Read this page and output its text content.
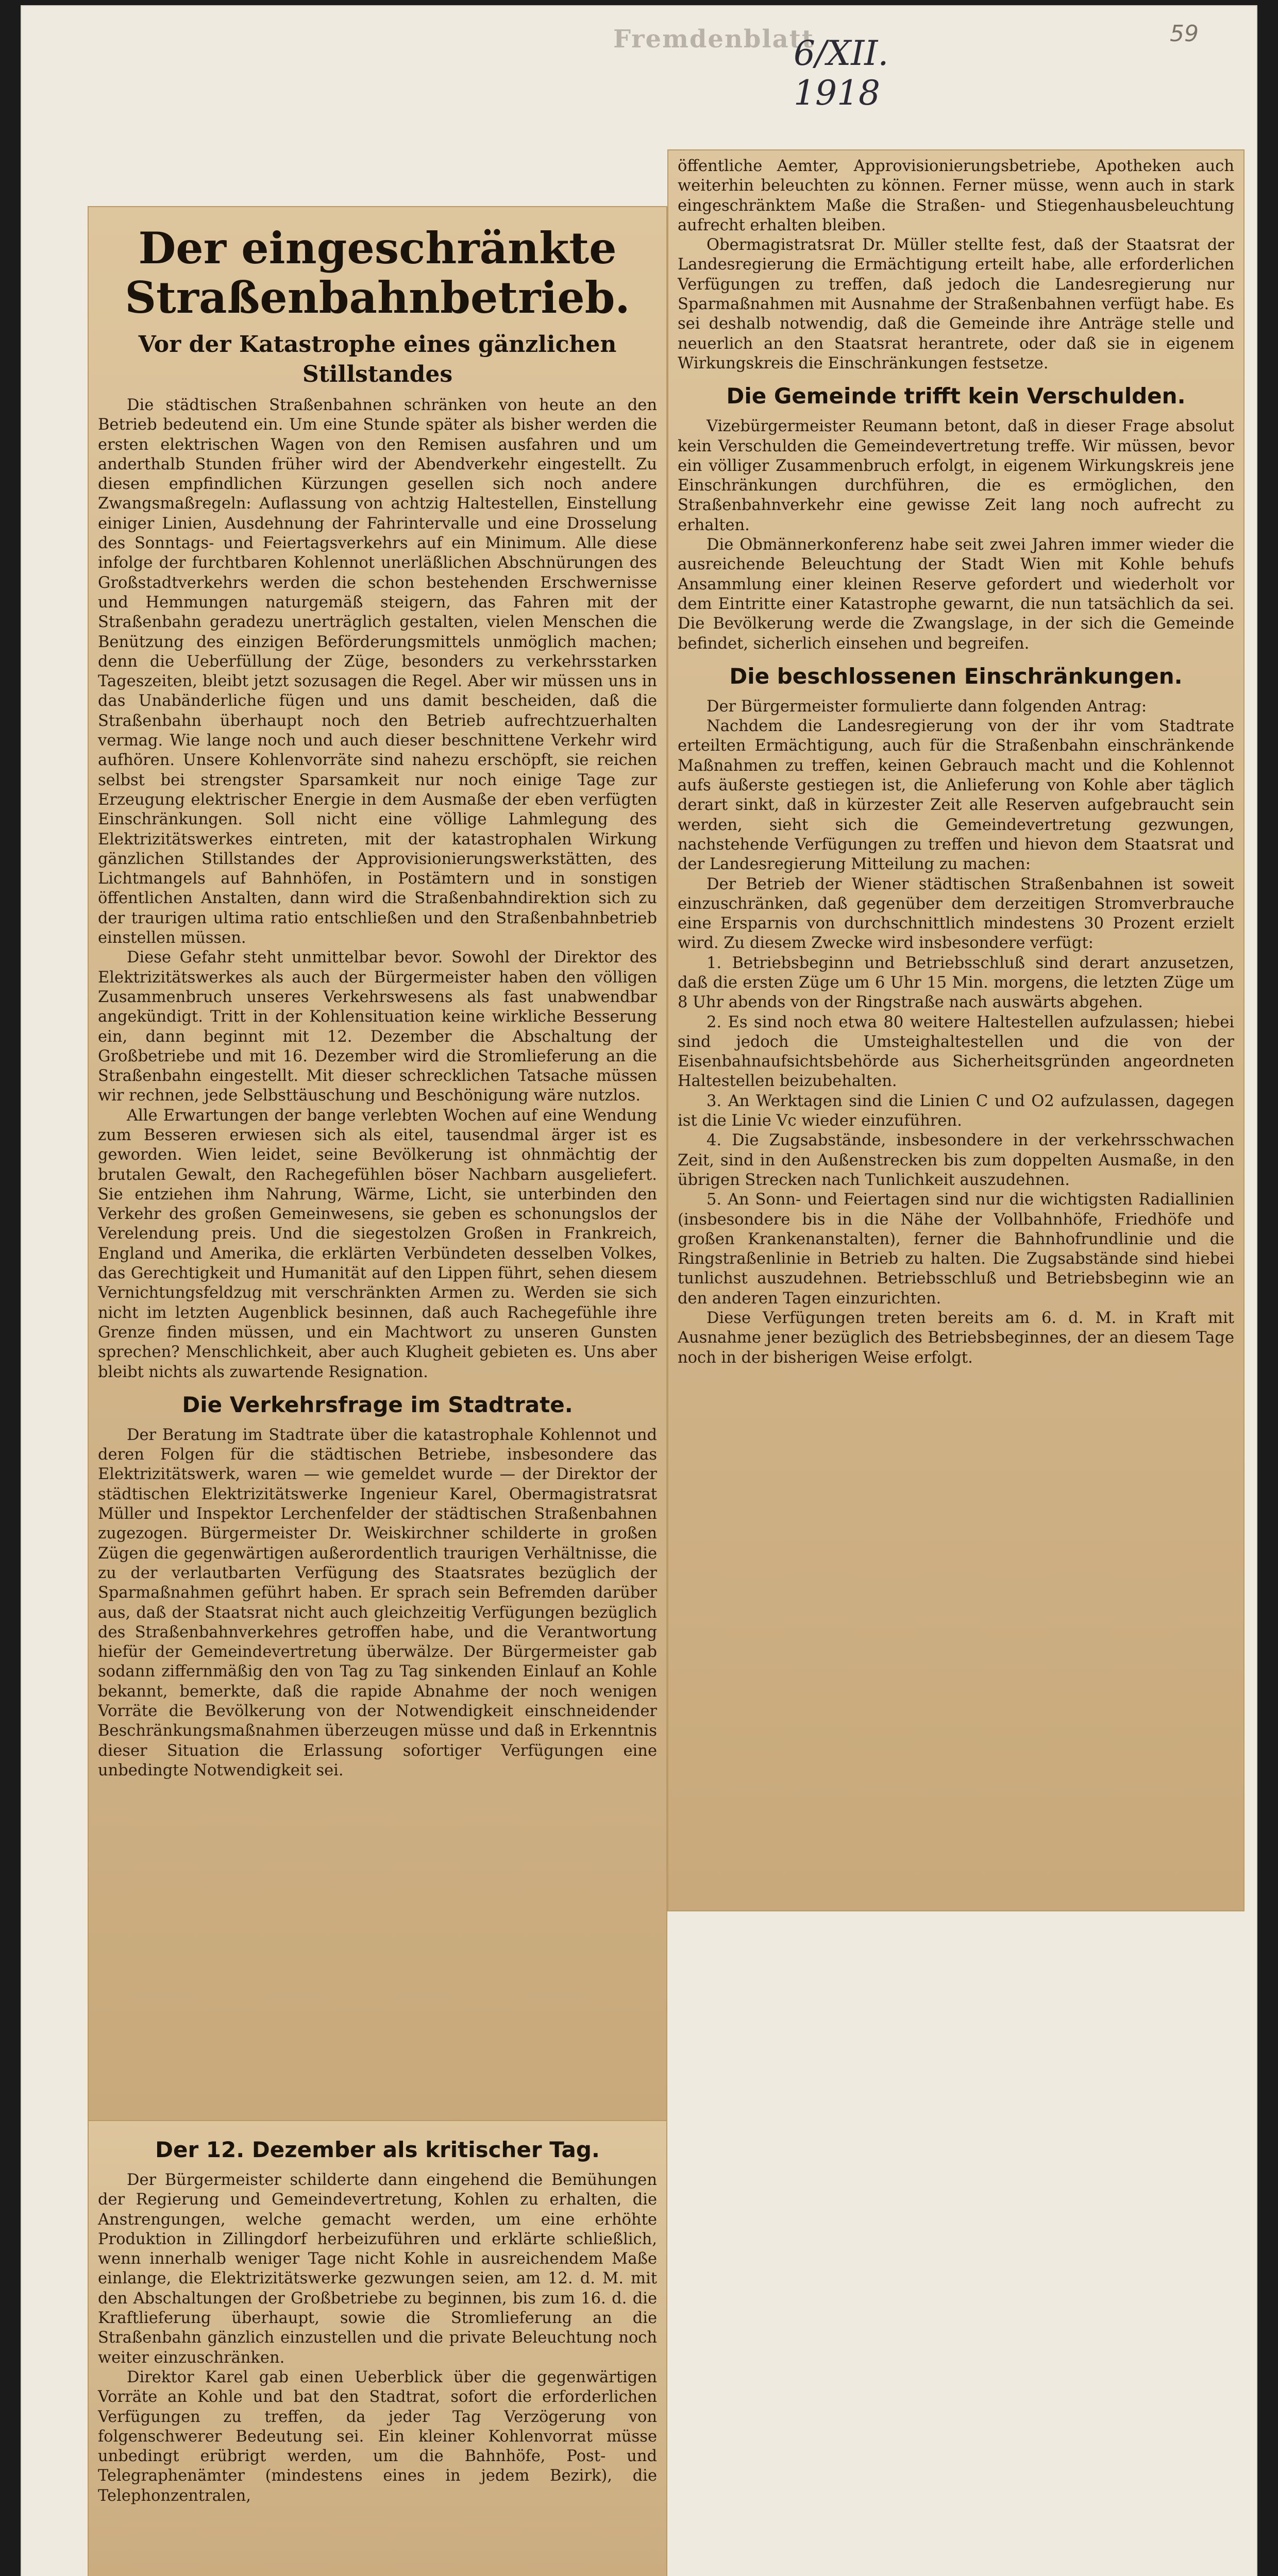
Fremdenblatt
6/XII. 1918
59
Der eingeschränkte Straßenbahnbetrieb.
Vor der Katastrophe eines gänzlichen Stillstandes

Die städtischen Straßenbahnen schränken von heute an den Betrieb bedeutend ein. Um eine Stunde später als bisher werden die ersten elektrischen Wagen von den Remisen ausfahren und um anderthalb Stunden früher wird der Abendverkehr eingestellt. Zu diesen empfindlichen Kürzungen gesellen sich noch andere Zwangsmaßregeln: Auflassung von achtzig Haltestellen, Einstellung einiger Linien, Ausdehnung der Fahrintervalle und eine Drosselung des Sonntags- und Feiertagsverkehrs auf ein Minimum. Alle diese infolge der furchtbaren Kohlennot unerläßlichen Abschnürungen des Großstadtverkehrs werden die schon bestehenden Erschwernisse und Hemmungen naturgemäß steigern, das Fahren mit der Straßenbahn geradezu unerträglich gestalten, vielen Menschen die Benützung des einzigen Beförderungsmittels unmöglich machen; denn die Ueberfüllung der Züge, besonders zu verkehrsstarken Tageszeiten, bleibt jetzt sozusagen die Regel. Aber wir müssen uns in das Unabänderliche fügen und uns damit bescheiden, daß die Straßenbahn überhaupt noch den Betrieb aufrechtzuerhalten vermag. Wie lange noch und auch dieser beschnittene Verkehr wird aufhören. Unsere Kohlenvorräte sind nahezu erschöpft, sie reichen selbst bei strengster Sparsamkeit nur noch einige Tage zur Erzeugung elektrischer Energie in dem Ausmaße der eben verfügten Einschränkungen. Soll nicht eine völlige Lahmlegung des Elektrizitätswerkes eintreten, mit der katastrophalen Wirkung gänzlichen Stillstandes der Approvisionierungswerkstätten, des Lichtmangels auf Bahnhöfen, in Postämtern und in sonstigen öffentlichen Anstalten, dann wird die Straßenbahndirektion sich zu der traurigen ultima ratio entschließen und den Straßenbahnbetrieb einstellen müssen.

Diese Gefahr steht unmittelbar bevor. Sowohl der Direktor des Elektrizitätswerkes als auch der Bürgermeister haben den völligen Zusammenbruch unseres Verkehrswesens als fast unabwendbar angekündigt. Tritt in der Kohlensituation keine wirkliche Besserung ein, dann beginnt mit 12. Dezember die Abschaltung der Großbetriebe und mit 16. Dezember wird die Stromlieferung an die Straßenbahn eingestellt. Mit dieser schrecklichen Tatsache müssen wir rechnen, jede Selbsttäuschung und Beschönigung wäre nutzlos.

Alle Erwartungen der bange verlebten Wochen auf eine Wendung zum Besseren erwiesen sich als eitel, tausendmal ärger ist es geworden. Wien leidet, seine Bevölkerung ist ohnmächtig der brutalen Gewalt, den Rachegefühlen böser Nachbarn ausgeliefert. Sie entziehen ihm Nahrung, Wärme, Licht, sie unterbinden den Verkehr des großen Gemeinwesens, sie geben es schonungslos der Verelendung preis. Und die siegestolzen Großen in Frankreich, England und Amerika, die erklärten Verbündeten desselben Volkes, das Gerechtigkeit und Humanität auf den Lippen führt, sehen diesem Vernichtungsfeldzug mit verschränkten Armen zu. Werden sie sich nicht im letzten Augenblick besinnen, daß auch Rachegefühle ihre Grenze finden müssen, und ein Machtwort zu unseren Gunsten sprechen? Menschlichkeit, aber auch Klugheit gebieten es. Uns aber bleibt nichts als zuwartende Resignation.

Die Verkehrsfrage im Stadtrate.

Der Beratung im Stadtrate über die katastrophale Kohlennot und deren Folgen für die städtischen Betriebe, insbesondere das Elektrizitätswerk, waren — wie gemeldet wurde — der Direktor der städtischen Elektrizitätswerke Ingenieur Karel, Obermagistratsrat Müller und Inspektor Lerchenfelder der städtischen Straßenbahnen zugezogen. Bürgermeister Dr. Weiskirchner schilderte in großen Zügen die gegenwärtigen außerordentlich traurigen Verhältnisse, die zu der verlautbarten Verfügung des Staatsrates bezüglich der Sparmaßnahmen geführt haben. Er sprach sein Befremden darüber aus, daß der Staatsrat nicht auch gleichzeitig Verfügungen bezüglich des Straßenbahnverkehres getroffen habe, und die Verantwortung hiefür der Gemeindevertretung überwälze. Der Bürgermeister gab sodann ziffernmäßig den von Tag zu Tag sinkenden Einlauf an Kohle bekannt, bemerkte, daß die rapide Abnahme der noch wenigen Vorräte die Bevölkerung von der Notwendigkeit einschneidender Beschränkungsmaßnahmen überzeugen müsse und daß in Erkenntnis dieser Situation die Erlassung sofortiger Verfügungen eine unbedingte Notwendigkeit sei.

Der 12. Dezember als kritischer Tag.

Der Bürgermeister schilderte dann eingehend die Bemühungen der Regierung und Gemeindevertretung, Kohlen zu erhalten, die Anstrengungen, welche gemacht werden, um eine erhöhte Produktion in Zillingdorf herbeizuführen und erklärte schließlich, wenn innerhalb weniger Tage nicht Kohle in ausreichendem Maße einlange, die Elektrizitätswerke gezwungen seien, am 12. d. M. mit den Abschaltungen der Großbetriebe zu beginnen, bis zum 16. d. die Kraftlieferung überhaupt, sowie die Stromlieferung an die Straßenbahn gänzlich einzustellen und die private Beleuchtung noch weiter einzuschränken.

Direktor Karel gab einen Ueberblick über die gegenwärtigen Vorräte an Kohle und bat den Stadtrat, sofort die erforderlichen Verfügungen zu treffen, da jeder Tag Verzögerung von folgenschwerer Bedeutung sei. Ein kleiner Kohlenvorrat müsse unbedingt erübrigt werden, um die Bahnhöfe, Post- und Telegraphenämter (mindestens eines in jedem Bezirk), die Telephonzentralen,

öffentliche Aemter, Approvisionierungsbetriebe, Apotheken auch weiterhin beleuchten zu können. Ferner müsse, wenn auch in stark eingeschränktem Maße die Straßen- und Stiegenhausbeleuchtung aufrecht erhalten bleiben.

Obermagistratsrat Dr. Müller stellte fest, daß der Staatsrat der Landesregierung die Ermächtigung erteilt habe, alle erforderlichen Verfügungen zu treffen, daß jedoch die Landesregierung nur Sparmaßnahmen mit Ausnahme der Straßenbahnen verfügt habe. Es sei deshalb notwendig, daß die Gemeinde ihre Anträge stelle und neuerlich an den Staatsrat herantrete, oder daß sie in eigenem Wirkungskreis die Einschränkungen festsetze.

Die Gemeinde trifft kein Verschulden.

Vizebürgermeister Reumann betont, daß in dieser Frage absolut kein Verschulden die Gemeindevertretung treffe. Wir müssen, bevor ein völliger Zusammenbruch erfolgt, in eigenem Wirkungskreis jene Einschränkungen durchführen, die es ermöglichen, den Straßenbahnverkehr eine gewisse Zeit lang noch aufrecht zu erhalten.

Die Obmännerkonferenz habe seit zwei Jahren immer wieder die ausreichende Beleuchtung der Stadt Wien mit Kohle behufs Ansammlung einer kleinen Reserve gefordert und wiederholt vor dem Eintritte einer Katastrophe gewarnt, die nun tatsächlich da sei. Die Bevölkerung werde die Zwangslage, in der sich die Gemeinde befindet, sicherlich einsehen und begreifen.

Die beschlossenen Einschränkungen.

Der Bürgermeister formulierte dann folgenden Antrag:

Nachdem die Landesregierung von der ihr vom Stadtrate erteilten Ermächtigung, auch für die Straßenbahn einschränkende Maßnahmen zu treffen, keinen Gebrauch macht und die Kohlennot aufs äußerste gestiegen ist, die Anlieferung von Kohle aber täglich derart sinkt, daß in kürzester Zeit alle Reserven aufgebraucht sein werden, sieht sich die Gemeindevertretung gezwungen, nachstehende Verfügungen zu treffen und hievon dem Staatsrat und der Landesregierung Mitteilung zu machen:

Der Betrieb der Wiener städtischen Straßenbahnen ist soweit einzuschränken, daß gegenüber dem derzeitigen Stromverbrauche eine Ersparnis von durchschnittlich mindestens 30 Prozent erzielt wird. Zu diesem Zwecke wird insbesondere verfügt:

1. Betriebsbeginn und Betriebsschluß sind derart anzusetzen, daß die ersten Züge um 6 Uhr 15 Min. morgens, die letzten Züge um 8 Uhr abends von der Ringstraße nach auswärts abgehen.

2. Es sind noch etwa 80 weitere Haltestellen aufzulassen; hiebei sind jedoch die Umsteighaltestellen und die von der Eisenbahnaufsichtsbehörde aus Sicherheitsgründen angeordneten Haltestellen beizubehalten.

3. An Werktagen sind die Linien C und O2 aufzulassen, dagegen ist die Linie Vc wieder einzuführen.

4. Die Zugsabstände, insbesondere in der verkehrsschwachen Zeit, sind in den Außenstrecken bis zum doppelten Ausmaße, in den übrigen Strecken nach Tunlichkeit auszudehnen.

5. An Sonn- und Feiertagen sind nur die wichtigsten Radiallinien (insbesondere bis in die Nähe der Vollbahnhöfe, Friedhöfe und großen Krankenanstalten), ferner die Bahnhofrundlinie und die Ringstraßenlinie in Betrieb zu halten. Die Zugsabstände sind hiebei tunlichst auszudehnen. Betriebsschluß und Betriebsbeginn wie an den anderen Tagen einzurichten.

Diese Verfügungen treten bereits am 6. d. M. in Kraft mit Ausnahme jener bezüglich des Betriebsbeginnes, der an diesem Tage noch in der bisherigen Weise erfolgt.
